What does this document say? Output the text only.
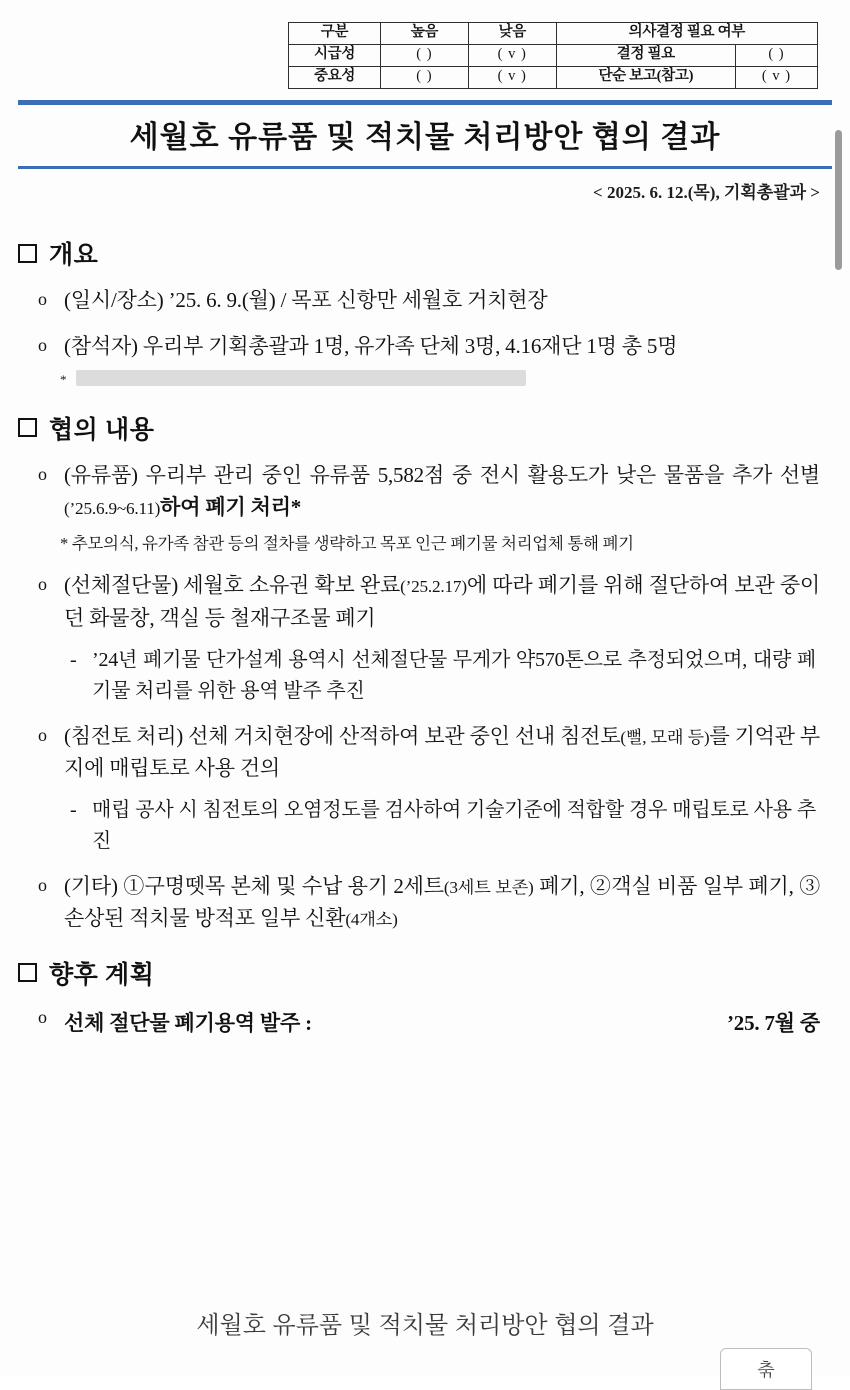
구분	높음	낮음	의사결정 필요 여부	
시급성	( )	( v )	결정 필요	( )
중요성	( )	( v )	단순 보고(참고)	( v )
세월호 유류품 및 적치물 처리방안 협의 결과
< 2025. 6. 12.(목), 기획총괄과 >
개요
o (일시/장소) ’25. 6. 9.(월) / 목포 신항만 세월호 거치현장
o (참석자) 우리부 기획총괄과 1명, 유가족 단체 3명, 4.16재단 1명 총 5명
*
협의 내용
o (유류품) 우리부 관리 중인 유류품 5,582점 중 전시 활용도가 낮은 물품을 추가 선별(’25.6.9~6.11)하여 폐기 처리*
* 추모의식, 유가족 참관 등의 절차를 생략하고 목포 인근 폐기물 처리업체 통해 폐기
o (선체절단물) 세월호 소유권 확보 완료(’25.2.17)에 따라 폐기를 위해 절단하여 보관 중이던 화물창, 객실 등 철재구조물 폐기
- ’24년 폐기물 단가설계 용역시 선체절단물 무게가 약570톤으로 추정되었으며, 대량 폐기물 처리를 위한 용역 발주 추진
o (침전토 처리) 선체 거치현장에 산적하여 보관 중인 선내 침전토(뻘, 모래 등)를 기억관 부지에 매립토로 사용 건의
- 매립 공사 시 침전토의 오염정도를 검사하여 기술기준에 적합할 경우 매립토로 사용 추진
o (기타) ①구명뗏목 본체 및 수납 용기 2세트(3세트 보존) 폐기, ②객실 비품 일부 폐기, ③손상된 적치물 방적포 일부 신환(4개소)
향후 계획
o 선체 절단물 폐기용역 발주 :	’25. 7월 중
세월호 유류품 및 적치물 처리방안 협의 결과
춖
